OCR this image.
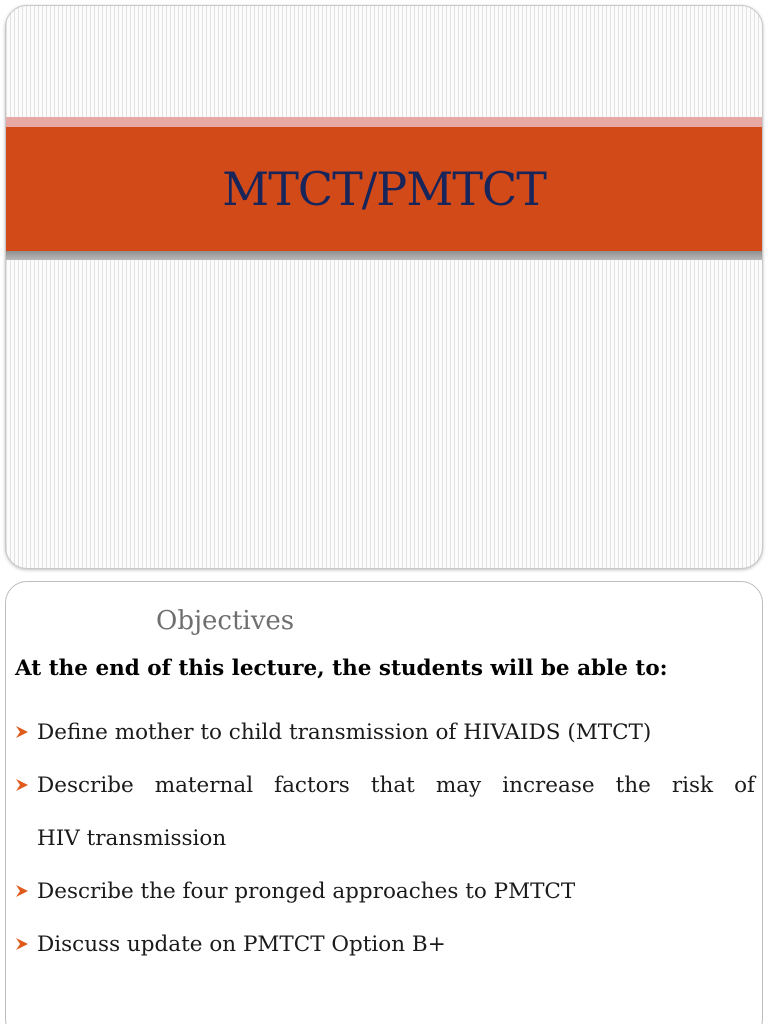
MTCT/PMTCT
Objectives
At the end of this lecture, the students will be able to:
Define mother to child transmission of HIVAIDS (MTCT)
Describe maternal factors that may increase the risk of
HIV transmission
Describe the four pronged approaches to PMTCT
Discuss update on PMTCT Option B+
